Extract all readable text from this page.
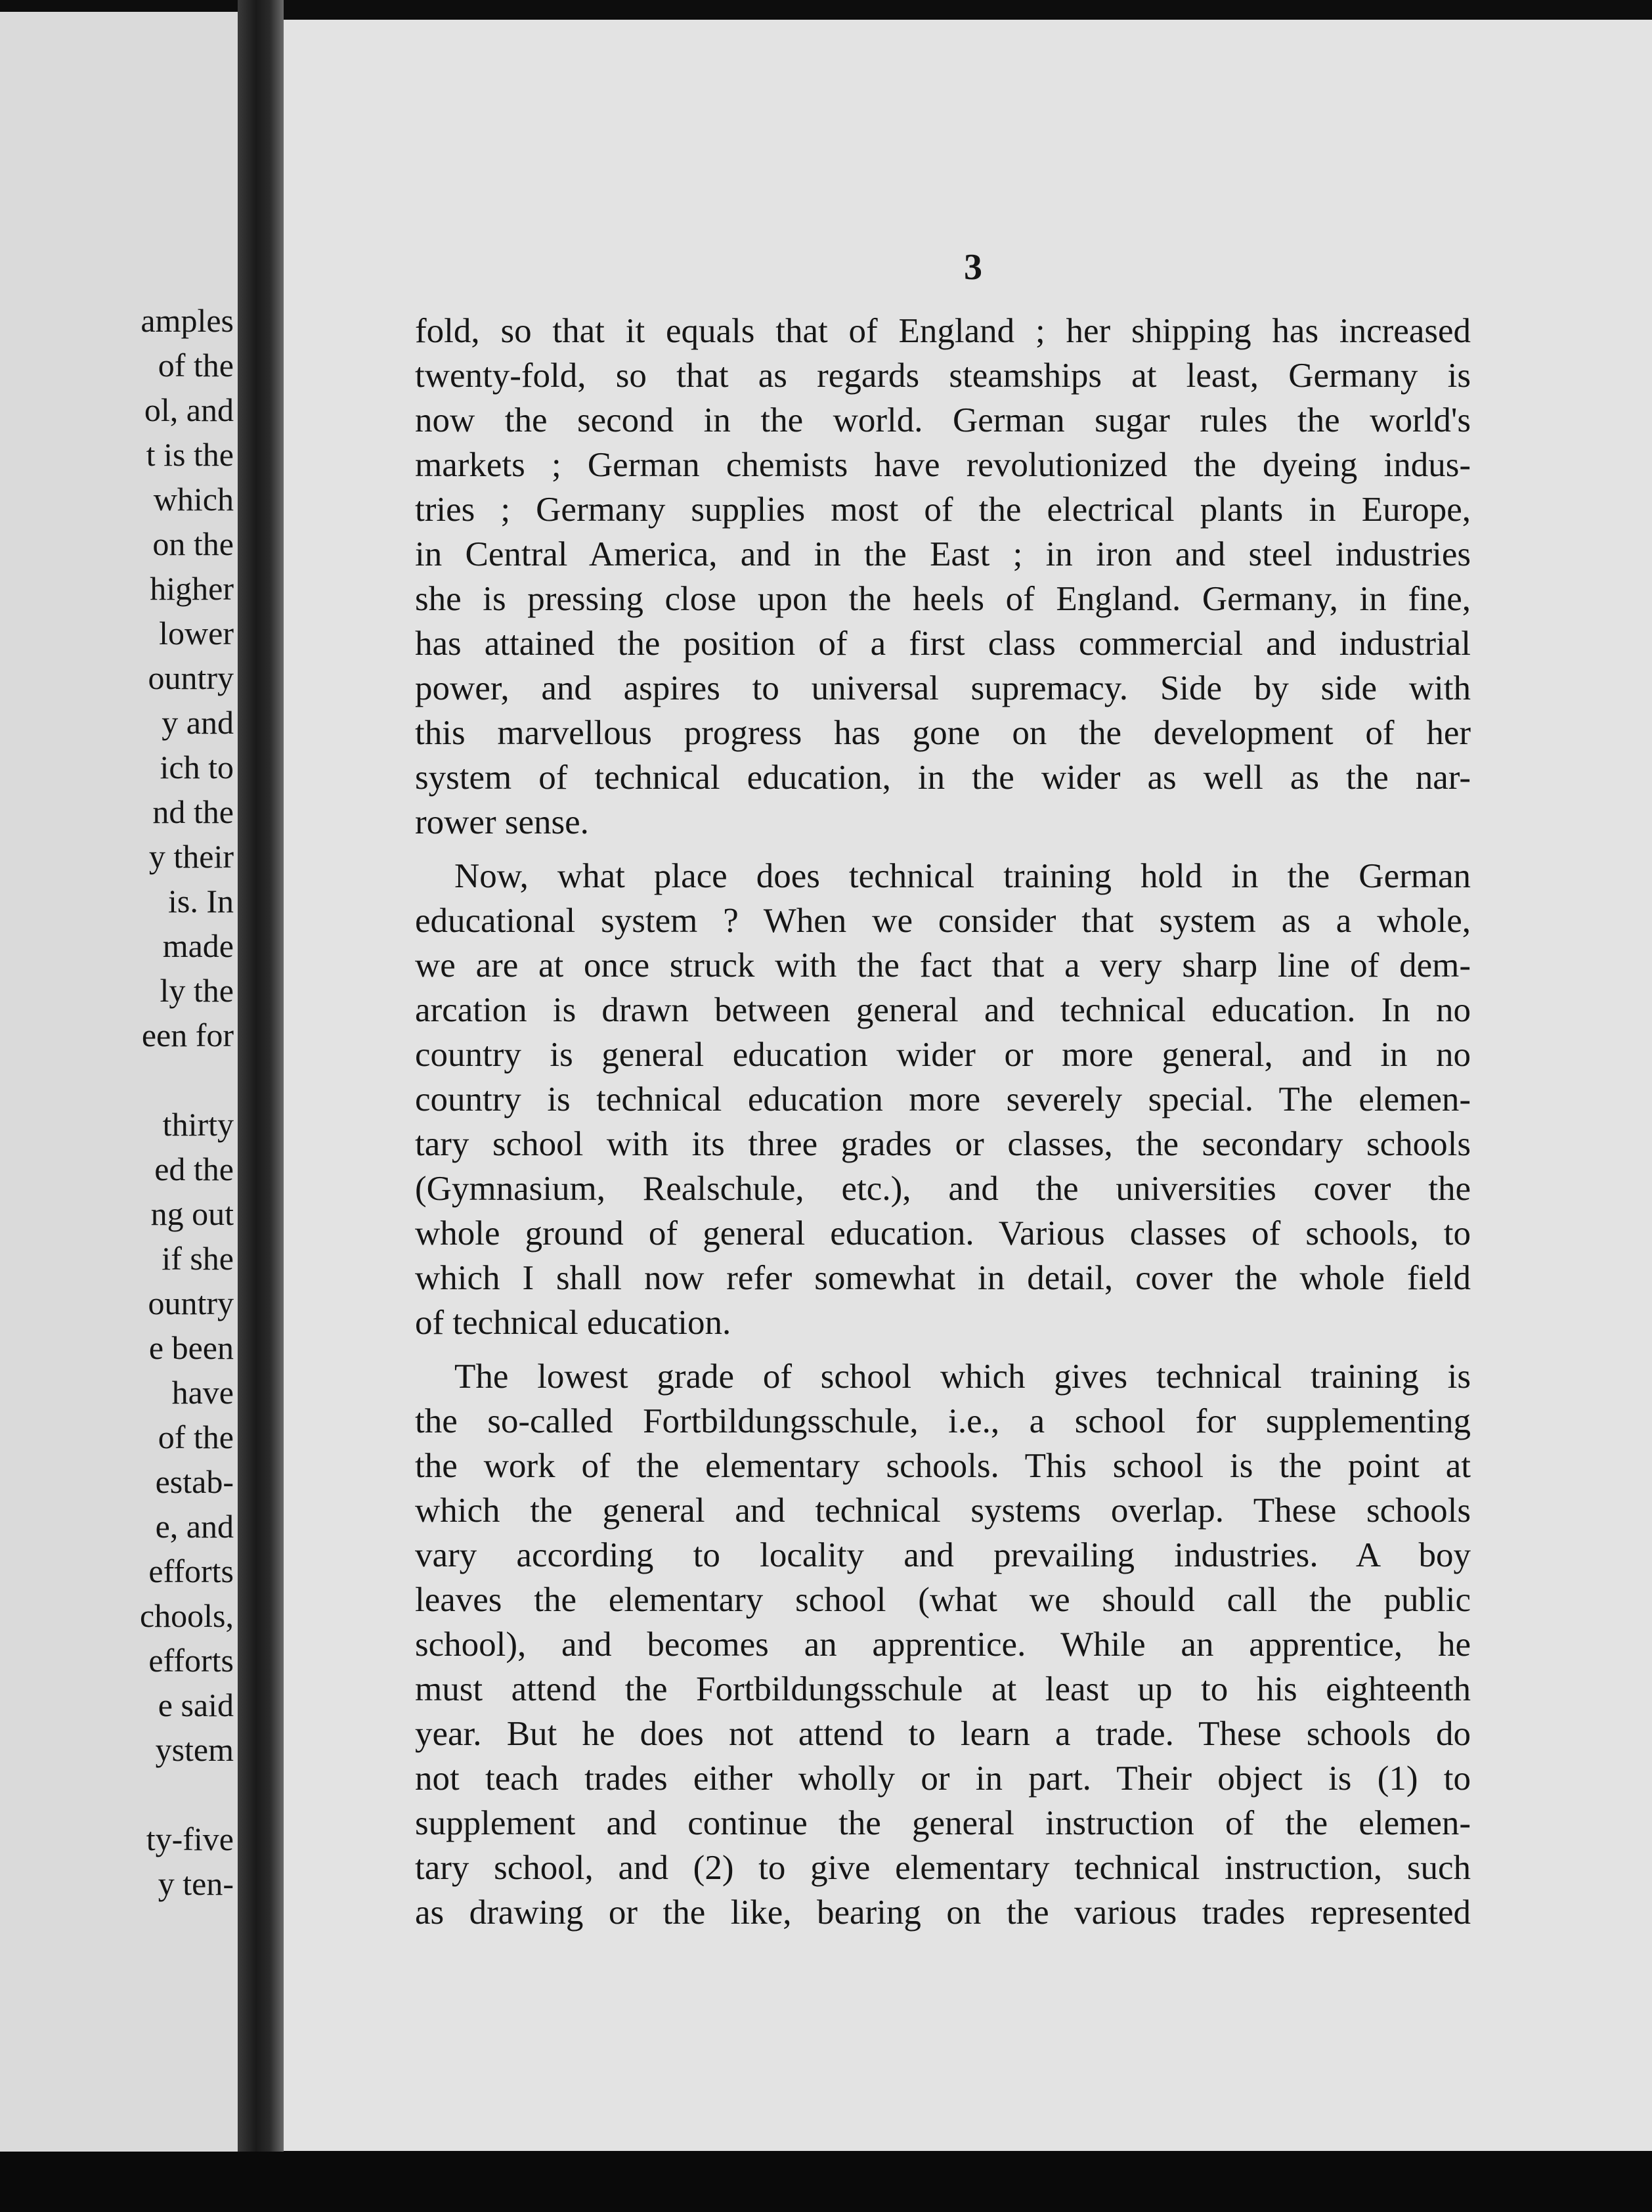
amples
of the
ol, and
t is the
which
on the
higher
lower
ountry
y and
ich to
nd the
y their
is. In
made
ly the
een for
thirty
ed the
ng out
if she
ountry
e been
have
of the
estab-
e, and
efforts
chools,
efforts
e said
ystem
ty-five
y ten-
3
fold, so that it equals that of England ; her shipping has increased
twenty-fold, so that as regards steamships at least, Germany is
now the second in the world. German sugar rules the world's
markets ; German chemists have revolutionized the dyeing indus-
tries ; Germany supplies most of the electrical plants in Europe,
in Central America, and in the East ; in iron and steel industries
she is pressing close upon the heels of England. Germany, in fine,
has attained the position of a first class commercial and industrial
power, and aspires to universal supremacy. Side by side with
this marvellous progress has gone on the development of her
system of technical education, in the wider as well as the nar-
rower sense.
Now, what place does technical training hold in the German
educational system ? When we consider that system as a whole,
we are at once struck with the fact that a very sharp line of dem-
arcation is drawn between general and technical education. In no
country is general education wider or more general, and in no
country is technical education more severely special. The elemen-
tary school with its three grades or classes, the secondary schools
(Gymnasium, Realschule, etc.), and the universities cover the
whole ground of general education. Various classes of schools, to
which I shall now refer somewhat in detail, cover the whole field
of technical education.
The lowest grade of school which gives technical training is
the so-called Fortbildungsschule, i.e., a school for supplementing
the work of the elementary schools. This school is the point at
which the general and technical systems overlap. These schools
vary according to locality and prevailing industries. A boy
leaves the elementary school (what we should call the public
school), and becomes an apprentice. While an apprentice, he
must attend the Fortbildungsschule at least up to his eighteenth
year. But he does not attend to learn a trade. These schools do
not teach trades either wholly or in part. Their object is (1) to
supplement and continue the general instruction of the elemen-
tary school, and (2) to give elementary technical instruction, such
as drawing or the like, bearing on the various trades represented
